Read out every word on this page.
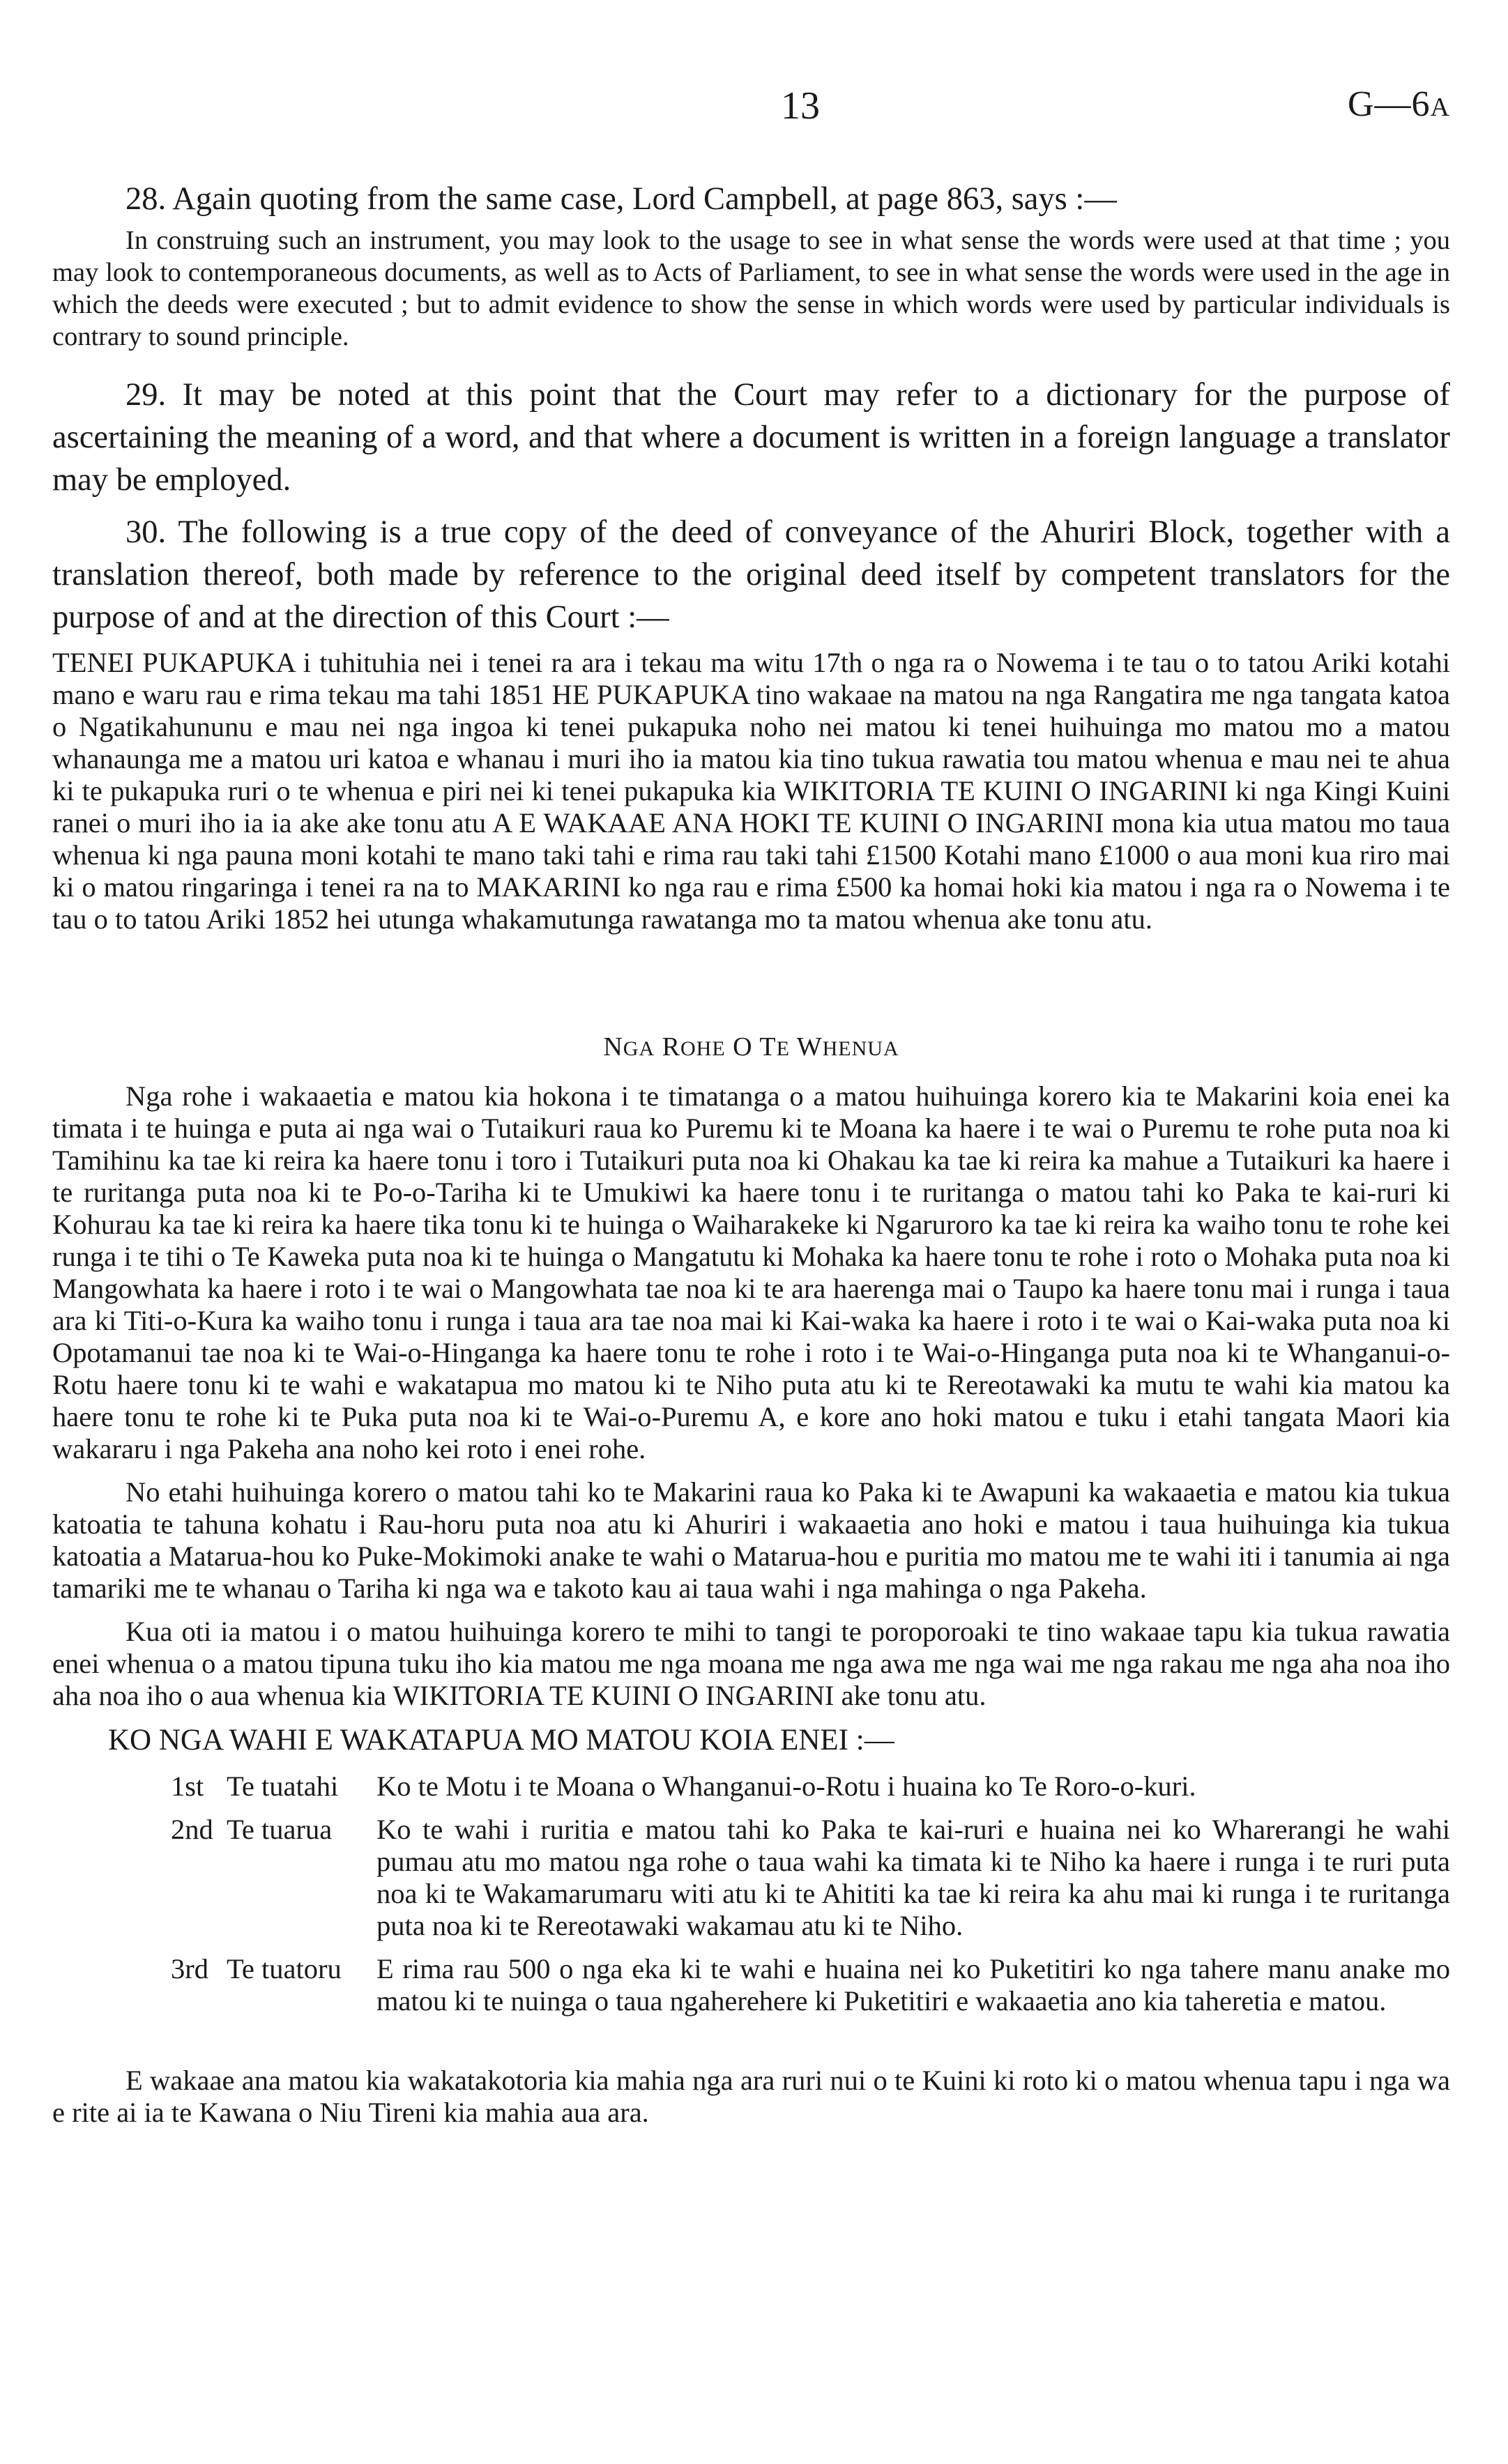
13	G—6A

28. Again quoting from the same case, Lord Campbell, at page 863, says :—

In construing such an instrument, you may look to the usage to see in what sense the words were used at that time ; you may look to contemporaneous documents, as well as to Acts of Parliament, to see in what sense the words were used in the age in which the deeds were executed ; but to admit evidence to show the sense in which words were used by particular individuals is contrary to sound principle.

29. It may be noted at this point that the Court may refer to a dictionary for the purpose of ascertaining the meaning of a word, and that where a document is written in a foreign language a translator may be employed.

30. The following is a true copy of the deed of conveyance of the Ahuriri Block, together with a translation thereof, both made by reference to the original deed itself by competent translators for the purpose of and at the direction of this Court :—

TENEI PUKAPUKA i tuhituhia nei i tenei ra ara i tekau ma witu 17th o nga ra o Nowema i te tau o to tatou Ariki kotahi mano e waru rau e rima tekau ma tahi 1851 HE PUKAPUKA tino wakaae na matou na nga Rangatira me nga tangata katoa o Ngatikahununu e mau nei nga ingoa ki tenei pukapuka noho nei matou ki tenei huihuinga mo matou mo a matou whanaunga me a matou uri katoa e whanau i muri iho ia matou kia tino tukua rawatia tou matou whenua e mau nei te ahua ki te pukapuka ruri o te whenua e piri nei ki tenei pukapuka kia WIKITORIA TE KUINI O INGARINI ki nga Kingi Kuini ranei o muri iho ia ia ake ake tonu atu A E WAKAAE ANA HOKI TE KUINI O INGARINI mona kia utua matou mo taua whenua ki nga pauna moni kotahi te mano taki tahi e rima rau taki tahi £1500 Kotahi mano £1000 o aua moni kua riro mai ki o matou ringaringa i tenei ra na to MAKARINI ko nga rau e rima £500 ka homai hoki kia matou i nga ra o Nowema i te tau o to tatou Ariki 1852 hei utunga whakamutunga rawatanga mo ta matou whenua ake tonu atu.

NGA ROHE O TE WHENUA

Nga rohe i wakaaetia e matou kia hokona i te timatanga o a matou huihuinga korero kia te Makarini koia enei ka timata i te huinga e puta ai nga wai o Tutaikuri raua ko Puremu ki te Moana ka haere i te wai o Puremu te rohe puta noa ki Tamihinu ka tae ki reira ka haere tonu i toro i Tutaikuri puta noa ki Ohakau ka tae ki reira ka mahue a Tutaikuri ka haere i te ruritanga puta noa ki te Po-o-Tariha ki te Umukiwi ka haere tonu i te ruritanga o matou tahi ko Paka te kai-ruri ki Kohurau ka tae ki reira ka haere tika tonu ki te huinga o Waiharakeke ki Ngaruroro ka tae ki reira ka waiho tonu te rohe kei runga i te tihi o Te Kaweka puta noa ki te huinga o Mangatutu ki Mohaka ka haere tonu te rohe i roto o Mohaka puta noa ki Mangowhata ka haere i roto i te wai o Mangowhata tae noa ki te ara haerenga mai o Taupo ka haere tonu mai i runga i taua ara ki Titi-o-Kura ka waiho tonu i runga i taua ara tae noa mai ki Kai-waka ka haere i roto i te wai o Kai-waka puta noa ki Opotamanui tae noa ki te Wai-o-Hinganga ka haere tonu te rohe i roto i te Wai-o-Hinganga puta noa ki te Whanganui-o-Rotu haere tonu ki te wahi e wakatapua mo matou ki te Niho puta atu ki te Rereotawaki ka mutu te wahi kia matou ka haere tonu te rohe ki te Puka puta noa ki te Wai-o-Puremu A, e kore ano hoki matou e tuku i etahi tangata Maori kia wakararu i nga Pakeha ana noho kei roto i enei rohe.

No etahi huihuinga korero o matou tahi ko te Makarini raua ko Paka ki te Awapuni ka wakaaetia e matou kia tukua katoatia te tahuna kohatu i Rau-horu puta noa atu ki Ahuriri i wakaaetia ano hoki e matou i taua huihuinga kia tukua katoatia a Matarua-hou ko Puke-Mokimoki anake te wahi o Matarua-hou e puritia mo matou me te wahi iti i tanumia ai nga tamariki me te whanau o Tariha ki nga wa e takoto kau ai taua wahi i nga mahinga o nga Pakeha.

Kua oti ia matou i o matou huihuinga korero te mihi to tangi te poroporoaki te tino wakaae tapu kia tukua rawatia enei whenua o a matou tipuna tuku iho kia matou me nga moana me nga awa me nga wai me nga rakau me nga aha noa iho aha noa iho o aua whenua kia WIKITORIA TE KUINI O INGARINI ake tonu atu.

KO NGA WAHI E WAKATAPUA MO MATOU KOIA ENEI :—
1st Te tuatahi	Ko te Motu i te Moana o Whanganui-o-Rotu i huaina ko Te Roro-o-kuri.
2nd Te tuarua	Ko te wahi i ruritia e matou tahi ko Paka te kai-ruri e huaina nei ko Wharerangi he wahi pumau atu mo matou nga rohe o taua wahi ka timata ki te Niho ka haere i runga i te ruri puta noa ki te Wakamarumaru witi atu ki te Ahititi ka tae ki reira ka ahu mai ki runga i te ruritanga puta noa ki te Rereotawaki wakamau atu ki te Niho.
3rd Te tuatoru	E rima rau 500 o nga eka ki te wahi e huaina nei ko Puketitiri ko nga tahere manu anake mo matou ki te nuinga o taua ngaherehere ki Puketitiri e wakaaetia ano kia taheretia e matou.

E wakaae ana matou kia wakatakotoria kia mahia nga ara ruri nui o te Kuini ki roto ki o matou whenua tapu i nga wa e rite ai ia te Kawana o Niu Tireni kia mahia aua ara.
